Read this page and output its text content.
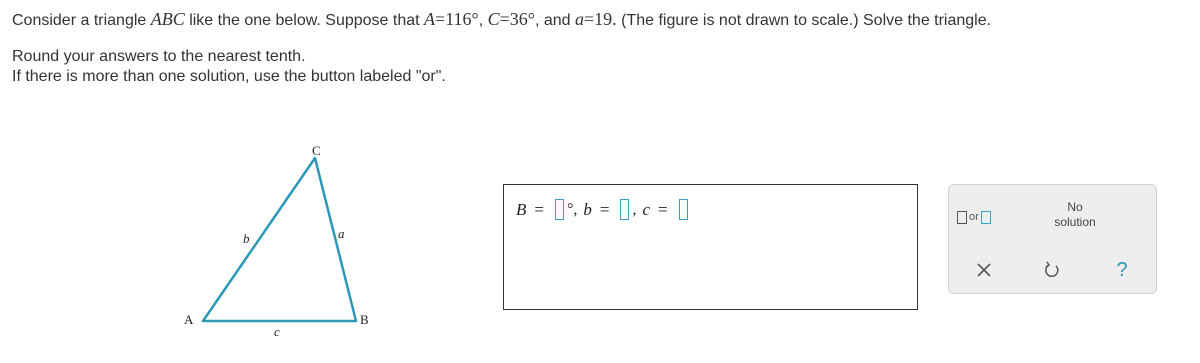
Consider a triangle ABC like the one below. Suppose that A=116°, C=36°, and a=19. (The figure is not drawn to scale.) Solve the triangle.
Round your answers to the nearest tenth.
If there is more than one solution, use the button labeled "or".
A	B
C
a
b
c
B = °, b = , c =	or
No
solution
?
